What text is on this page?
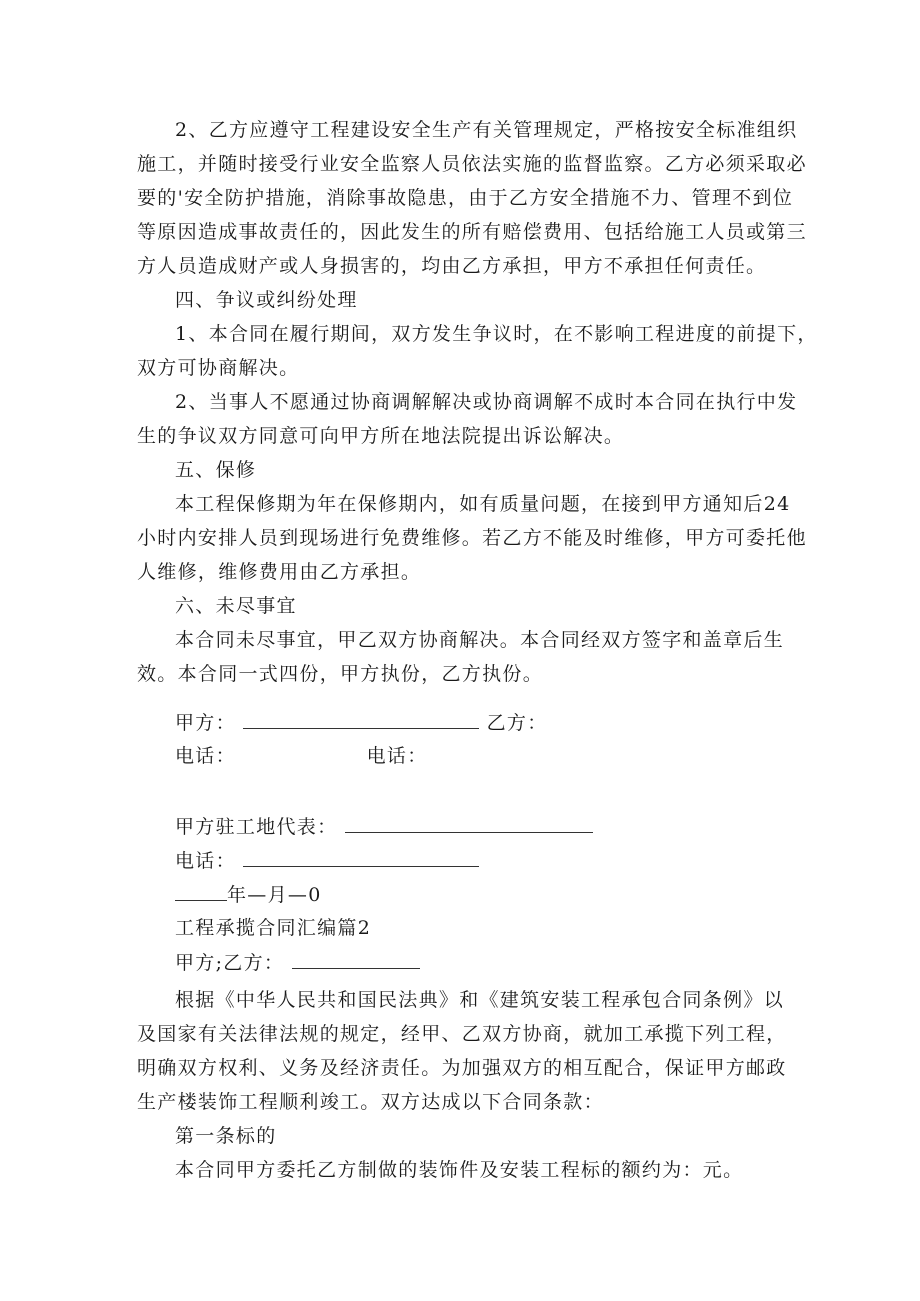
2、乙方应遵守工程建设安全生产有关管理规定，严格按安全标准组织
施工，并随时接受行业安全监察人员依法实施的监督监察。乙方必须采取必
要的'安全防护措施，消除事故隐患，由于乙方安全措施不力、管理不到位
等原因造成事故责任的，因此发生的所有赔偿费用、包括给施工人员或第三
方人员造成财产或人身损害的，均由乙方承担，甲方不承担任何责任。
四、争议或纠纷处理
1、本合同在履行期间，双方发生争议时，在不影响工程进度的前提下，
双方可协商解决。
2、当事人不愿通过协商调解解决或协商调解不成时本合同在执行中发
生的争议双方同意可向甲方所在地法院提出诉讼解决。
五、保修
本工程保修期为年在保修期内，如有质量问题，在接到甲方通知后24
小时内安排人员到现场进行免费维修。若乙方不能及时维修，甲方可委托他
人维修，维修费用由乙方承担。
六、未尽事宜
本合同未尽事宜，甲乙双方协商解决。本合同经双方签字和盖章后生
效。本合同一式四份，甲方执份，乙方执份。
甲方：	乙方：
电话：	电话：
甲方驻工地代表：
电话：
年—月—0
工程承揽合同汇编篇2
甲方;乙方：
根据《中华人民共和国民法典》和《建筑安装工程承包合同条例》以
及国家有关法律法规的规定，经甲、乙双方协商，就加工承揽下列工程，
明确双方权利、义务及经济责任。为加强双方的相互配合，保证甲方邮政
生产楼装饰工程顺利竣工。双方达成以下合同条款：
第一条标的
本合同甲方委托乙方制做的装饰件及安装工程标的额约为：元。
